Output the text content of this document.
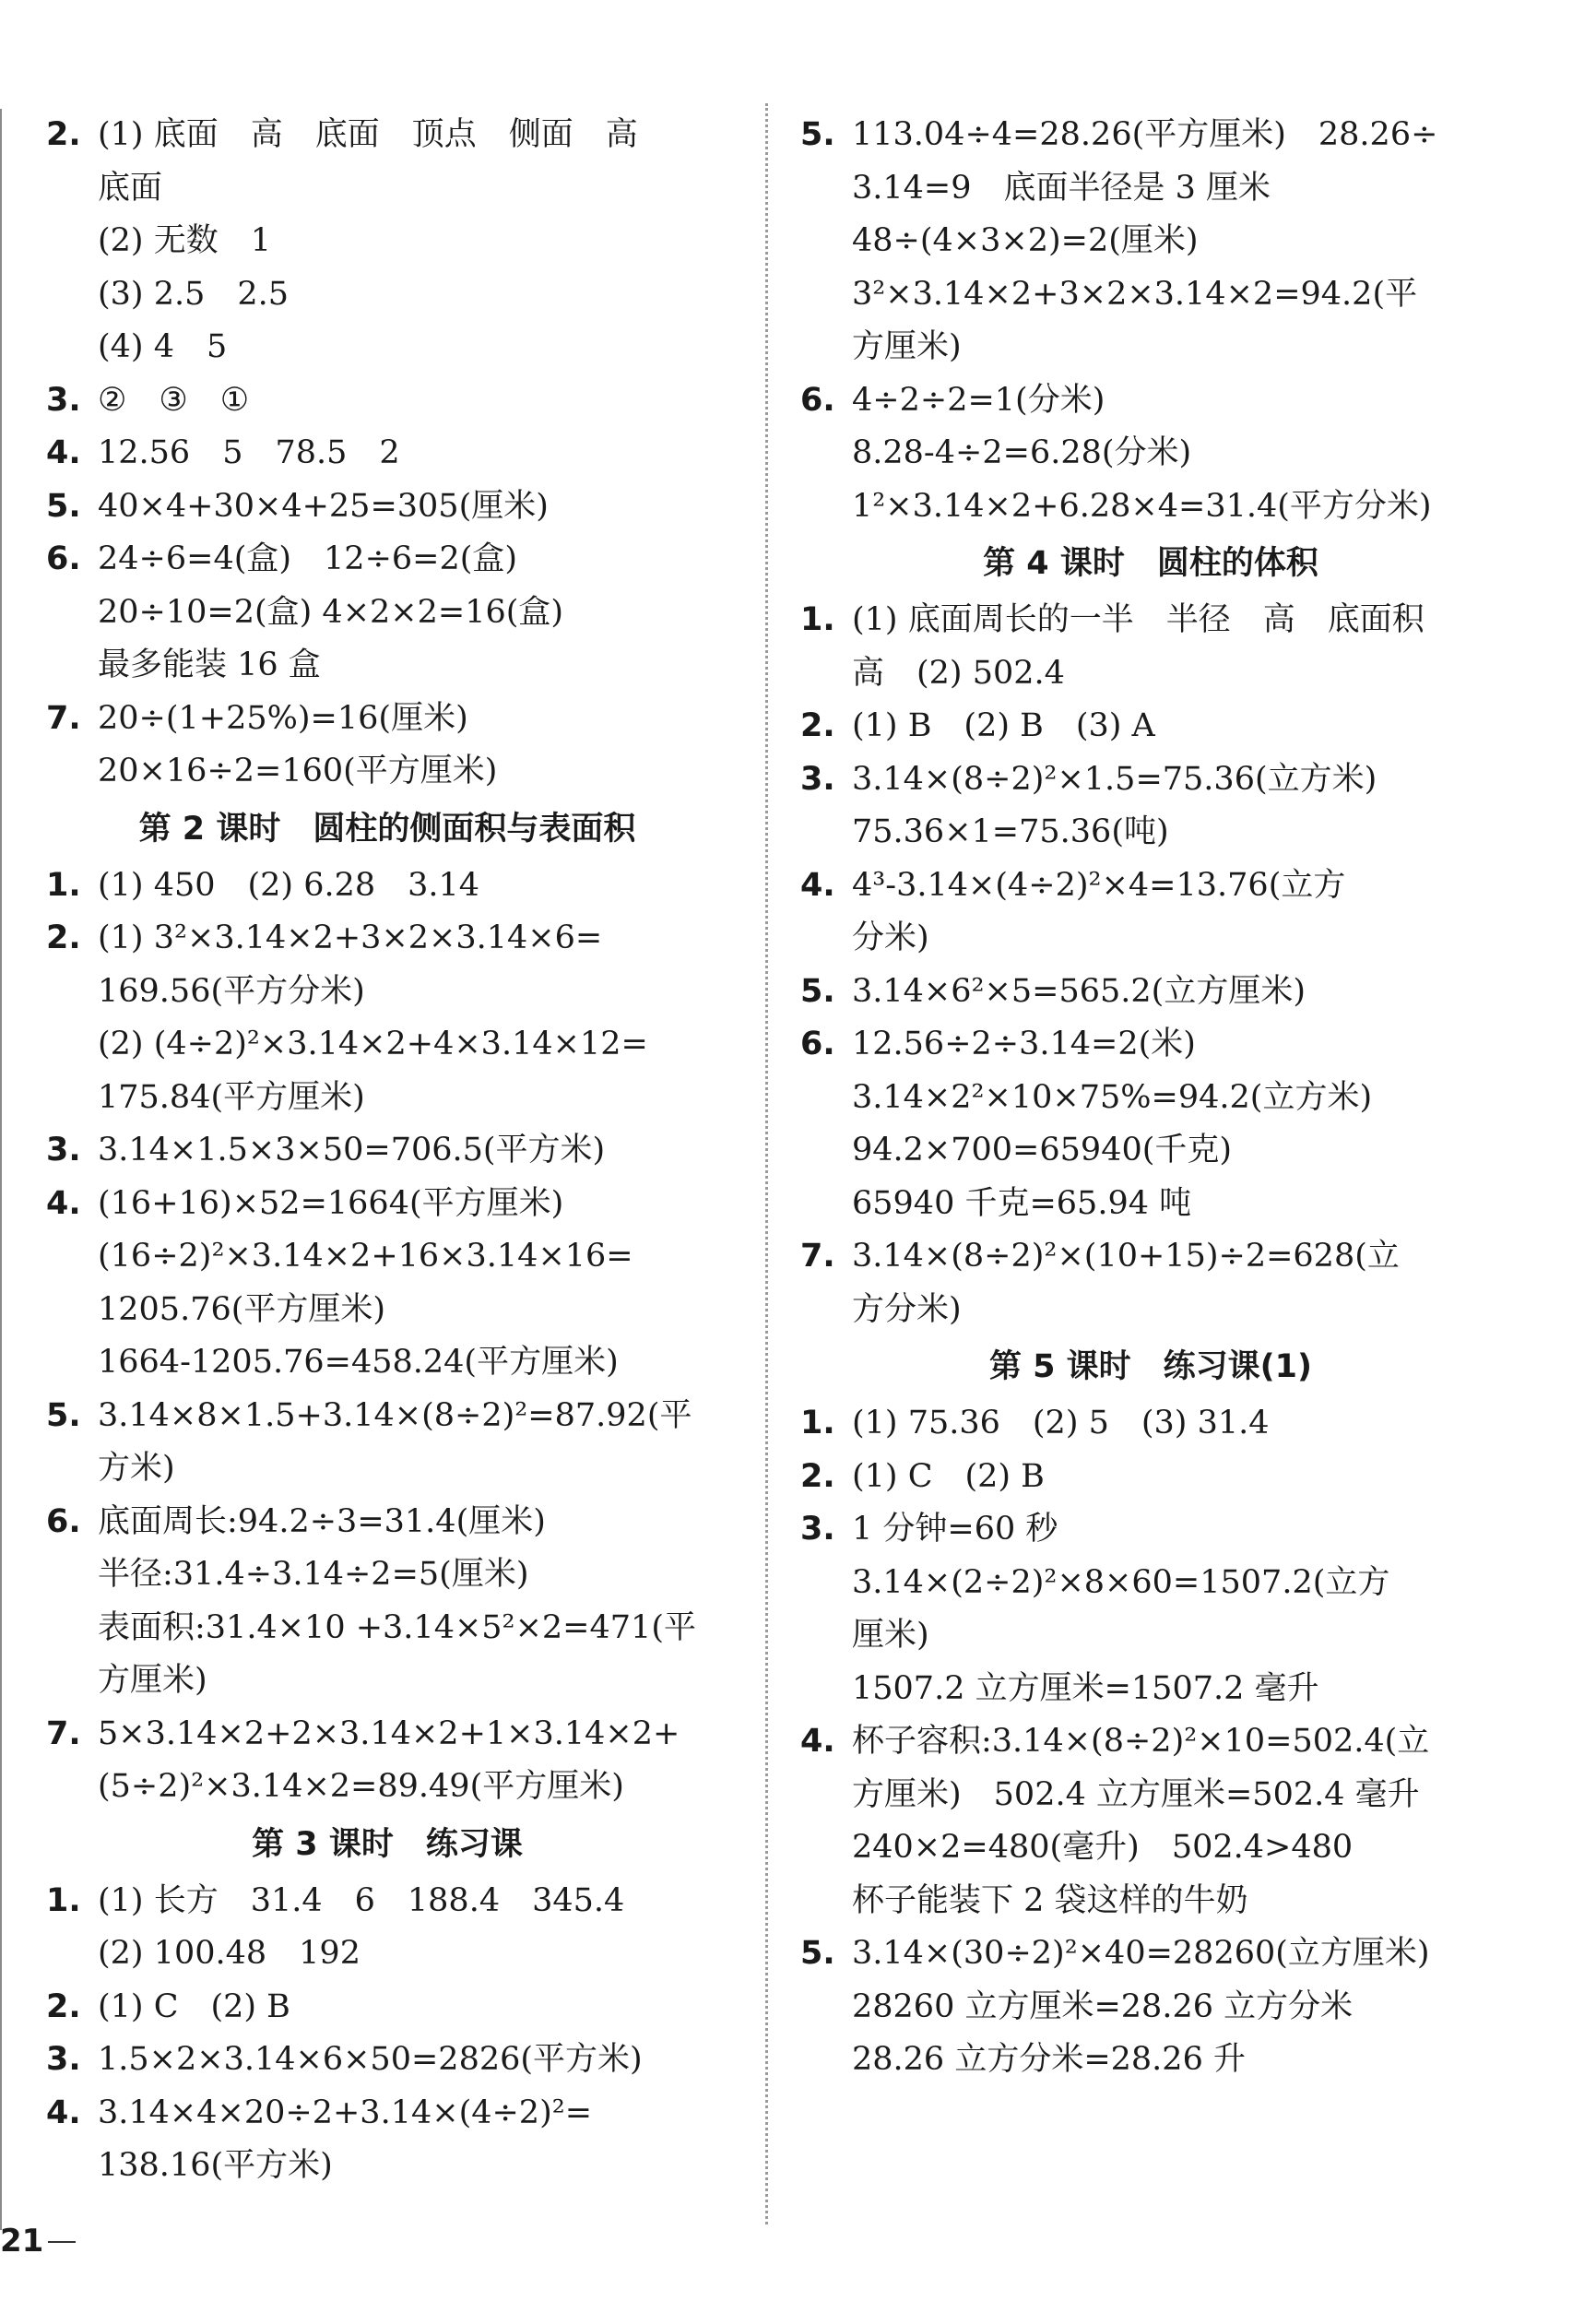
2. (1) 底面　高　底面　顶点　侧面　高
底面
(2) 无数　1
(3) 2.5　2.5
(4) 4　5
3. ②　③　①
4. 12.56　5　78.5　2
5. 40×4+30×4+25=305(厘米)
6. 24÷6=4(盒)　12÷6=2(盒)
20÷10=2(盒) 4×2×2=16(盒)
最多能装 16 盒
7. 20÷(1+25%)=16(厘米)
20×16÷2=160(平方厘米)
第 2 课时　圆柱的侧面积与表面积
1. (1) 450　(2) 6.28　3.14
2. (1) 3²×3.14×2+3×2×3.14×6=
169.56(平方分米)
(2) (4÷2)²×3.14×2+4×3.14×12=
175.84(平方厘米)
3. 3.14×1.5×3×50=706.5(平方米)
4. (16+16)×52=1664(平方厘米)
(16÷2)²×3.14×2+16×3.14×16=
1205.76(平方厘米)
1664-1205.76=458.24(平方厘米)
5. 3.14×8×1.5+3.14×(8÷2)²=87.92(平
方米)
6. 底面周长:94.2÷3=31.4(厘米)
半径:31.4÷3.14÷2=5(厘米)
表面积:31.4×10 +3.14×5²×2=471(平
方厘米)
7. 5×3.14×2+2×3.14×2+1×3.14×2+
(5÷2)²×3.14×2=89.49(平方厘米)
第 3 课时　练习课
1. (1) 长方　31.4　6　188.4　345.4
(2) 100.48　192
2. (1) C　(2) B
3. 1.5×2×3.14×6×50=2826(平方米)
4. 3.14×4×20÷2+3.14×(4÷2)²=
138.16(平方米)
5. 113.04÷4=28.26(平方厘米)　28.26÷
3.14=9　底面半径是 3 厘米
48÷(4×3×2)=2(厘米)
3²×3.14×2+3×2×3.14×2=94.2(平
方厘米)
6. 4÷2÷2=1(分米)
8.28-4÷2=6.28(分米)
1²×3.14×2+6.28×4=31.4(平方分米)
第 4 课时　圆柱的体积
1. (1) 底面周长的一半　半径　高　底面积
高　(2) 502.4
2. (1) B　(2) B　(3) A
3. 3.14×(8÷2)²×1.5=75.36(立方米)
75.36×1=75.36(吨)
4. 4³-3.14×(4÷2)²×4=13.76(立方
分米)
5. 3.14×6²×5=565.2(立方厘米)
6. 12.56÷2÷3.14=2(米)
3.14×2²×10×75%=94.2(立方米)
94.2×700=65940(千克)
65940 千克=65.94 吨
7. 3.14×(8÷2)²×(10+15)÷2=628(立
方分米)
第 5 课时　练习课(1)
1. (1) 75.36　(2) 5　(3) 31.4
2. (1) C　(2) B
3. 1 分钟=60 秒
3.14×(2÷2)²×8×60=1507.2(立方
厘米)
1507.2 立方厘米=1507.2 毫升
4. 杯子容积:3.14×(8÷2)²×10=502.4(立
方厘米)　502.4 立方厘米=502.4 毫升
240×2=480(毫升)　502.4>480
杯子能装下 2 袋这样的牛奶
5. 3.14×(30÷2)²×40=28260(立方厘米)
28260 立方厘米=28.26 立方分米
28.26 立方分米=28.26 升
21
